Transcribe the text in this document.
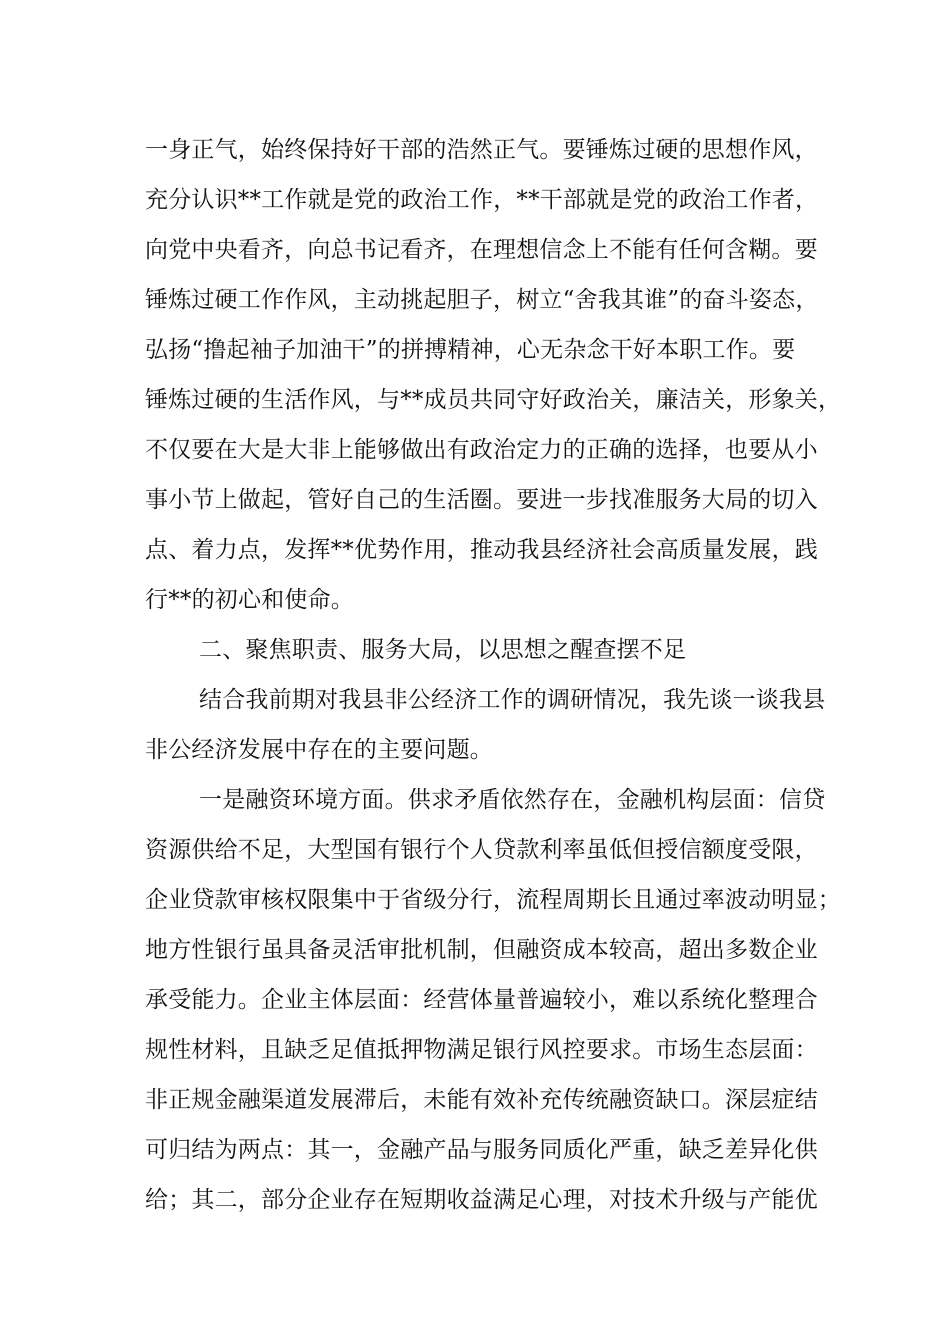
一身正气，始终保持好干部的浩然正气。要锤炼过硬的思想作风，
充分认识**工作就是党的政治工作，**干部就是党的政治工作者，
向党中央看齐，向总书记看齐，在理想信念上不能有任何含糊。要
锤炼过硬工作作风，主动挑起胆子，树立“舍我其谁”的奋斗姿态，
弘扬“撸起袖子加油干”的拼搏精神，心无杂念干好本职工作。要
锤炼过硬的生活作风，与**成员共同守好政治关，廉洁关，形象关，
不仅要在大是大非上能够做出有政治定力的正确的选择，也要从小
事小节上做起，管好自己的生活圈。要进一步找准服务大局的切入
点、着力点，发挥**优势作用，推动我县经济社会高质量发展，践
行**的初心和使命。
二、聚焦职责、服务大局，以思想之醒查摆不足
结合我前期对我县非公经济工作的调研情况，我先谈一谈我县
非公经济发展中存在的主要问题。
一是融资环境方面。供求矛盾依然存在，金融机构层面：信贷
资源供给不足，大型国有银行个人贷款利率虽低但授信额度受限，
企业贷款审核权限集中于省级分行，流程周期长且通过率波动明显；
地方性银行虽具备灵活审批机制，但融资成本较高，超出多数企业
承受能力。企业主体层面：经营体量普遍较小，难以系统化整理合
规性材料，且缺乏足值抵押物满足银行风控要求。市场生态层面：
非正规金融渠道发展滞后，未能有效补充传统融资缺口。深层症结
可归结为两点：其一，金融产品与服务同质化严重，缺乏差异化供
给；其二，部分企业存在短期收益满足心理，对技术升级与产能优
